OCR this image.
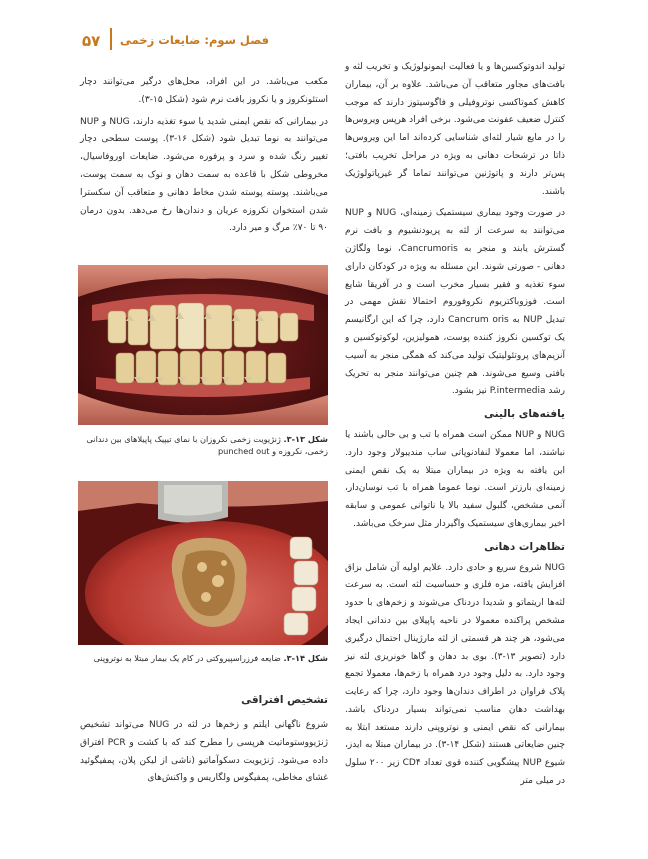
۵۷ فصل سوم: ضایعات زخمی

تولید اندوتوکسین‌ها و یا فعالیت ایمونولوژیک و تخریب لثه و بافت‌های مجاور متعاقب آن می‌باشد. علاوه بر آن، بیماران کاهش کموتاکسی نوتروفیلی و فاگوسیتوز دارند که موجب کنترل ضعیف عفونت می‌شود. برخی افراد هرپس ویروس‌ها را در مایع شیار لثه‌ای شناسایی کرده‌اند اما این ویروس‌ها ذاتا در ترشحات دهانی به ویژه در مراحل تخریب بافتی؛ پس‌تر دارند و پاتوژنین می‌توانند تماما گر غیرپاتولوژیک باشند.

در صورت وجود بیماری سیستمیک زمینه‌ای، NUG و NUP می‌توانند به سرعت از لثه به پریودنشیوم و بافت نرم گسترش یابند و منجر به Cancrumoris، نوما ولگاژن دهانی - صورتی شوند. این مسئله به ویژه در کودکان دارای سوء تغذیه و فقیر بسیار مخرب است و در آفریقا شایع است. فوزوباکتریوم نکروفوروم احتمالا نقش مهمی در تبدیل NUP به Cancrum oris دارد، چرا که این ارگانیسم یک توکسین نکروز کننده پوست، همولیزین، لوکوتوکسین و آنزیم‌های پروتئولیتیک تولید می‌کند که همگی منجر به آسیب بافتی وسیع می‌شوند. هم چنین می‌توانند منجر به تحریک رشد P.intermedia نیز بشود.

یافته‌های بالینی

NUG و NUP ممکن است همراه با تب و بی حالی باشند یا نباشند، اما معمولا لنفادنوپاتی ساب مندیبولار وجود دارد. این یافته به ویژه در بیماران مبتلا به یک نقص ایمنی زمینه‌ای بارزتر است. نوما عموما همراه با تب نوسان‌دار، آنمی مشخص، گلبول سفید بالا یا ناتوانی عمومی و سابقه اخیر بیماری‌های سیستمیک واگیردار مثل سرخک می‌باشد.

تظاهرات دهانی

NUG شروع سریع و حادی دارد. علایم اولیه آن شامل بزاق افزایش یافته، مزه فلزی و حساسیت لثه است. به سرعت لثه‌ها اریتماتو و شدیدا دردناک می‌شوند و زخم‌های با حدود مشخص پراکنده معمولا در ناحیه پاپیلای بین دندانی ایجاد می‌شود، هر چند هر قسمتی از لثه مارژینال احتمال درگیری دارد (تصویر ۱۳-۳). بوی بد دهان و گاها خونریزی لثه نیز وجود دارد. به دلیل وجود درد همراه با زخم‌ها، معمولا تجمع پلاک فراوان در اطراف دندان‌ها وجود دارد، چرا که رعایت بهداشت دهان مناسب نمی‌تواند بسیار دردناک باشد. بیمارانی که نقص ایمنی و نوتروپنی دارند مستعد ابتلا به چنین ضایعاتی هستند (شکل ۱۴-۳). در بیماران مبتلا به ایدز، شیوع NUP پیشگویی کننده قوی تعداد CD۴ زیر ۲۰۰ سلول در میلی متر

مکعب می‌باشد. در این افراد، محل‌های درگیر می‌توانند دچار استئونکروز و یا نکروز بافت نرم شود (شکل ۱۵-۳).

در بیمارانی که نقص ایمنی شدید یا سوء تغذیه دارند، NUG و NUP می‌توانند به نوما تبدیل شود (شکل ۱۶-۳). پوست سطحی دچار تغییر رنگ شده و سرد و پرفوره می‌شود. ضایعات اوروفاسیال، مخروطی شکل با قاعده به سمت دهان و نوک به سمت پوست، می‌باشند. پوسته پوسته شدن مخاط دهانی و متعاقب آن سکسترا شدن استخوان نکروزه عریان و دندان‌ها رخ می‌دهد. بدون درمان ۹۰ تا ۷۰٪ مرگ و میر دارد.

شکل ۱۳-۳. ژنژیویت زخمی نکروزان با نمای تیپیک پاپیلاهای بین دندانی زخمی، نکروزه و punched out
شکل ۱۴-۳. ضایعه فرزراسپیروکتی در کام یک بیمار مبتلا به نوتروپنی
تشخیص افتراقی

شروع ناگهانی ایلتم و زخم‌ها در لثه در NUG می‌تواند تشخیص ژنژیووستوماتیت هرپسی را مطرح کند که با کشت و PCR افتراق داده می‌شود. ژنژیویت دسکوآماتیو (ناشی از لیکن پلان، پمفیگوئید غشای مخاطی، پمفیگوس ولگاریس و واکنش‌های
